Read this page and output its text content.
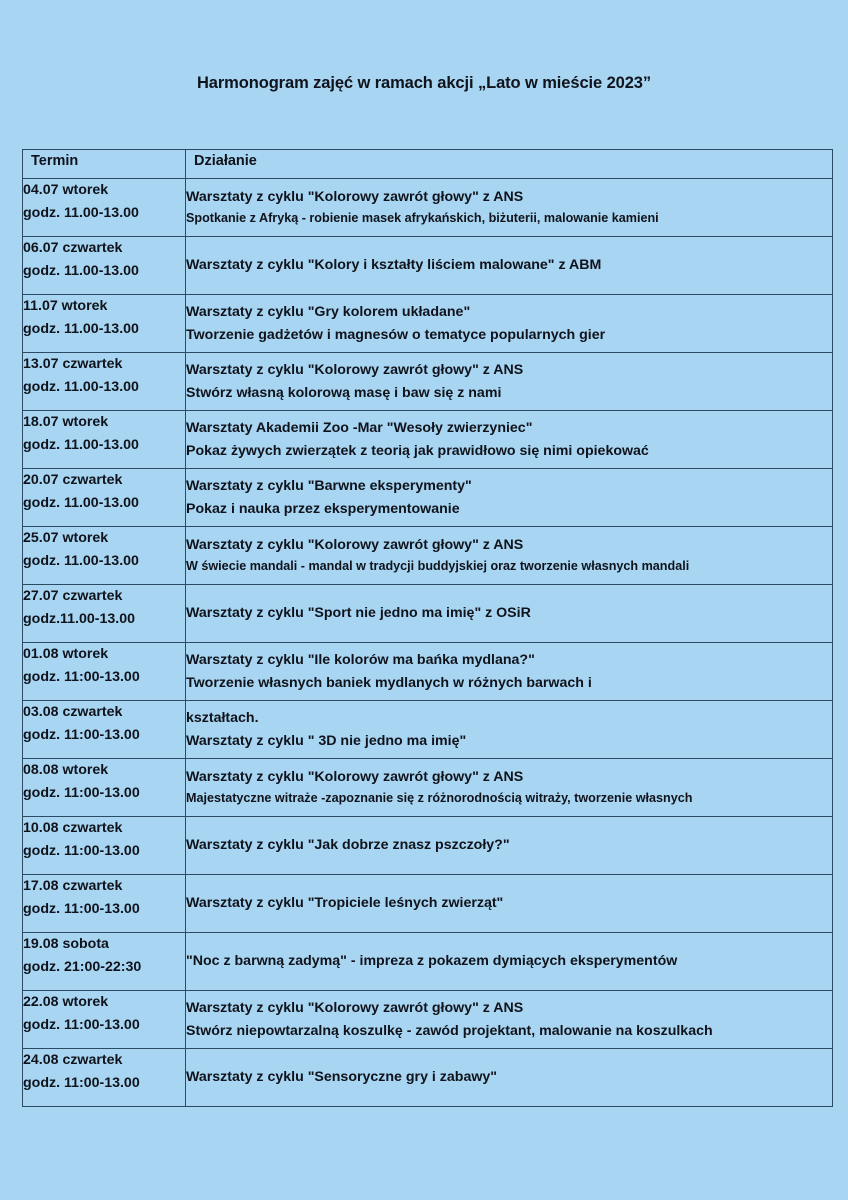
Harmonogram zajęć w ramach akcji „Lato w mieście 2023”
Termin	Działanie

04.07 wtorek
godz. 11.00-13.00	Warsztaty z cyklu "Kolorowy zawrót głowy" z ANS
Spotkanie z Afryką - robienie masek afrykańskich, biżuterii, malowanie kamieni

06.07 czwartek
godz. 11.00-13.00	Warsztaty z cyklu "Kolory i kształty liściem malowane" z ABM

11.07 wtorek
godz. 11.00-13.00	Warsztaty z cyklu "Gry kolorem układane"
Tworzenie gadżetów i magnesów o tematyce popularnych gier

13.07 czwartek
godz. 11.00-13.00	Warsztaty z cyklu "Kolorowy zawrót głowy" z ANS
Stwórz własną kolorową masę i baw się z nami

18.07 wtorek
godz. 11.00-13.00	Warsztaty Akademii Zoo -Mar "Wesoły zwierzyniec"
Pokaz żywych zwierzątek z teorią jak prawidłowo się nimi opiekować

20.07 czwartek
godz. 11.00-13.00	Warsztaty z cyklu "Barwne eksperymenty"
Pokaz i nauka przez eksperymentowanie

25.07 wtorek
godz. 11.00-13.00	Warsztaty z cyklu "Kolorowy zawrót głowy" z ANS
W świecie mandali - mandal w tradycji buddyjskiej oraz tworzenie własnych mandali

27.07 czwartek
godz.11.00-13.00	Warsztaty z cyklu "Sport nie jedno ma imię" z OSiR

01.08 wtorek
godz. 11:00-13.00	Warsztaty z cyklu "Ile kolorów ma bańka mydlana?"
Tworzenie własnych baniek mydlanych w różnych barwach i

03.08 czwartek
godz. 11:00-13.00	kształtach.
Warsztaty z cyklu " 3D nie jedno ma imię"

08.08 wtorek
godz. 11:00-13.00	Warsztaty z cyklu "Kolorowy zawrót głowy" z ANS
Majestatyczne witraże -zapoznanie się z różnorodnością witraży, tworzenie własnych

10.08 czwartek
godz. 11:00-13.00	Warsztaty z cyklu "Jak dobrze znasz pszczoły?"

17.08 czwartek
godz. 11:00-13.00	Warsztaty z cyklu "Tropiciele leśnych zwierząt"

19.08 sobota
godz. 21:00-22:30	"Noc z barwną zadymą" - impreza z pokazem dymiących eksperymentów

22.08 wtorek
godz. 11:00-13.00	Warsztaty z cyklu "Kolorowy zawrót głowy" z ANS
Stwórz niepowtarzalną koszulkę - zawód projektant, malowanie na koszulkach

24.08 czwartek
godz. 11:00-13.00	Warsztaty z cyklu "Sensoryczne gry i zabawy"
